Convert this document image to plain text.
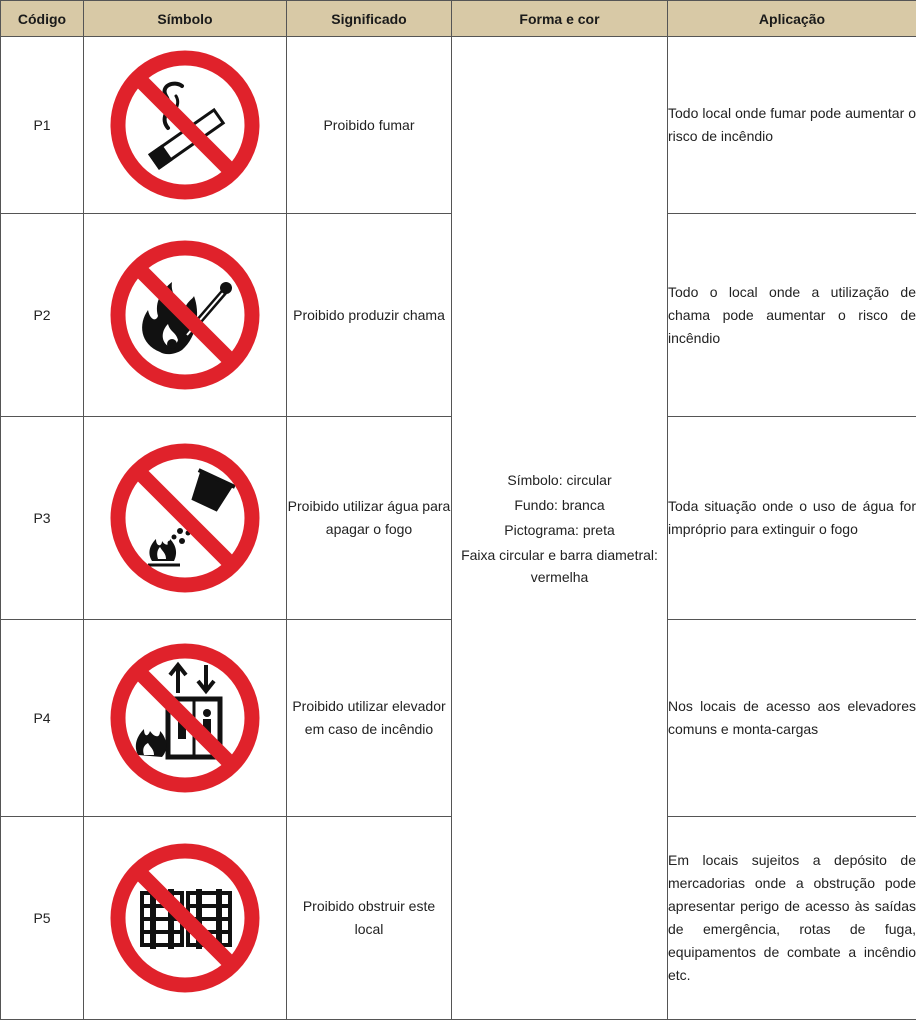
Código	Símbolo	Significado	Forma e cor	Aplicação
P1		Proibido fumar	Símbolo: circular
Fundo: branca
Pictograma: preta
Faixa circular e barra diametral: vermelha	Todo local onde fumar pode aumentar o risco de incêndio
P2		Proibido produzir chama		Todo o local onde a utilização de chama pode aumentar o risco de incêndio
P3		Proibido utilizar água para apagar o fogo		Toda situação onde o uso de água for impróprio para extinguir o fogo
P4		Proibido utilizar elevador em caso de incêndio		Nos locais de acesso aos elevadores comuns e monta-cargas
P5		Proibido obstruir este local		Em locais sujeitos a depósito de mercadorias onde a obstrução pode apresentar perigo de acesso às saídas de emergência, rotas de fuga, equipamentos de combate a incêndio etc.
